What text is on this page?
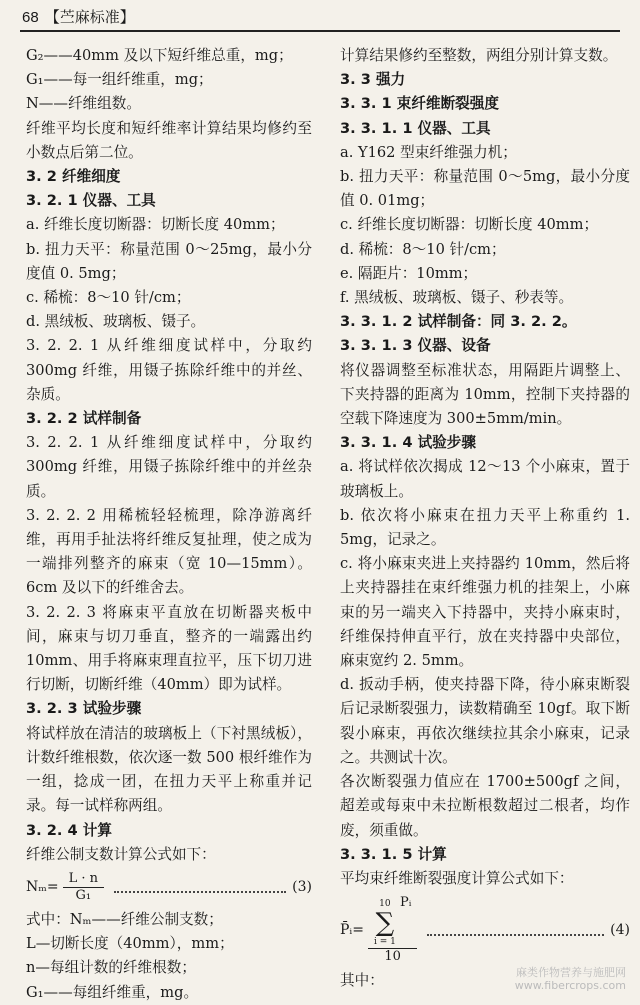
68 【苎麻标准】

G₂——40mm 及以下短纤维总重，mg；

G₁——每一组纤维重，mg；

N——纤维组数。

纤维平均长度和短纤维率计算结果均修约至小数点后第二位。

3. 2 纤维细度

3. 2. 1 仪器、工具

a. 纤维长度切断器：切断长度 40mm；

b. 扭力天平：称量范围 0～25mg，最小分度值 0. 5mg；

c. 稀梳：8～10 针/cm；

d. 黑绒板、玻璃板、镊子。

3. 2. 2. 1 从纤维细度试样中，分取约 300mg 纤维，用镊子拣除纤维中的并丝、杂质。

3. 2. 2 试样制备

3. 2. 2. 1 从纤维细度试样中，分取约 300mg 纤维，用镊子拣除纤维中的并丝杂质。

3. 2. 2. 2 用稀梳轻轻梳理，除净游离纤维，再用手扯法将纤维反复扯理，使之成为一端排列整齐的麻束（宽 10—15mm）。6cm 及以下的纤维舍去。

3. 2. 2. 3 将麻束平直放在切断器夹板中间，麻束与切刀垂直，整齐的一端露出约 10mm、用手将麻束理直拉平，压下切刀进行切断，切断纤维（40mm）即为试样。

3. 2. 3 试验步骤

将试样放在清洁的玻璃板上（下衬黑绒板），计数纤维根数，依次逐一数 500 根纤维作为一组，捻成一团，在扭力天平上称重并记录。每一试样称两组。

3. 2. 4 计算

纤维公制支数计算公式如下：

$N_m= \frac{L \cdot n}{\text{G₁}}$	(3)

式中：Nₘ——纤维公制支数；

L—切断长度（40mm），mm；

n—每组计数的纤维根数；

G₁——每组纤维重，mg。

计算结果修约至整数，两组分别计算支数。

3. 3 强力

3. 3. 1 束纤维断裂强度

3. 3. 1. 1 仪器、工具

a. Y162 型束纤维强力机；

b. 扭力天平：称量范围 0～5mg，最小分度值 0. 01mg；

c. 纤维长度切断器：切断长度 40mm；

d. 稀梳：8～10 针/cm；

e. 隔距片：10mm；

f. 黑绒板、玻璃板、镊子、秒表等。

3. 3. 1. 2 试样制备：同 3. 2. 2。

3. 3. 1. 3 仪器、设备

将仪器调整至标准状态，用隔距片调整上、下夹持器的距离为 10mm，控制下夹持器的空载下降速度为 300±5mm/min。

3. 3. 1. 4 试验步骤

a. 将试样依次揭成 12～13 个小麻束，置于玻璃板上。

b. 依次将小麻束在扭力天平上称重约 1. 5mg，记录之。

c. 将小麻束夹进上夹持器约 10mm，然后将上夹持器挂在束纤维强力机的挂架上，小麻束的另一端夹入下持器中，夹持小麻束时，纤维保持伸直平行，放在夹持器中央部位，麻束宽约 2. 5mm。

d. 扳动手柄，使夹持器下降，待小麻束断裂后记录断裂强力，读数精确至 10gf。取下断裂小麻束，再依次继续拉其余小麻束，记录之。共测试十次。

各次断裂强力值应在 1700±500gf 之间，超差或每束中未拉断根数超过二根者，均作废，须重做。

3. 3. 1. 5 计算

平均束纤维断裂强度计算公式如下：

P̄ᵢ= 10
∑
i = 1
Pᵢ
10	(4)

其中：	麻类作物营养与施肥网
www.fibercrops.com
